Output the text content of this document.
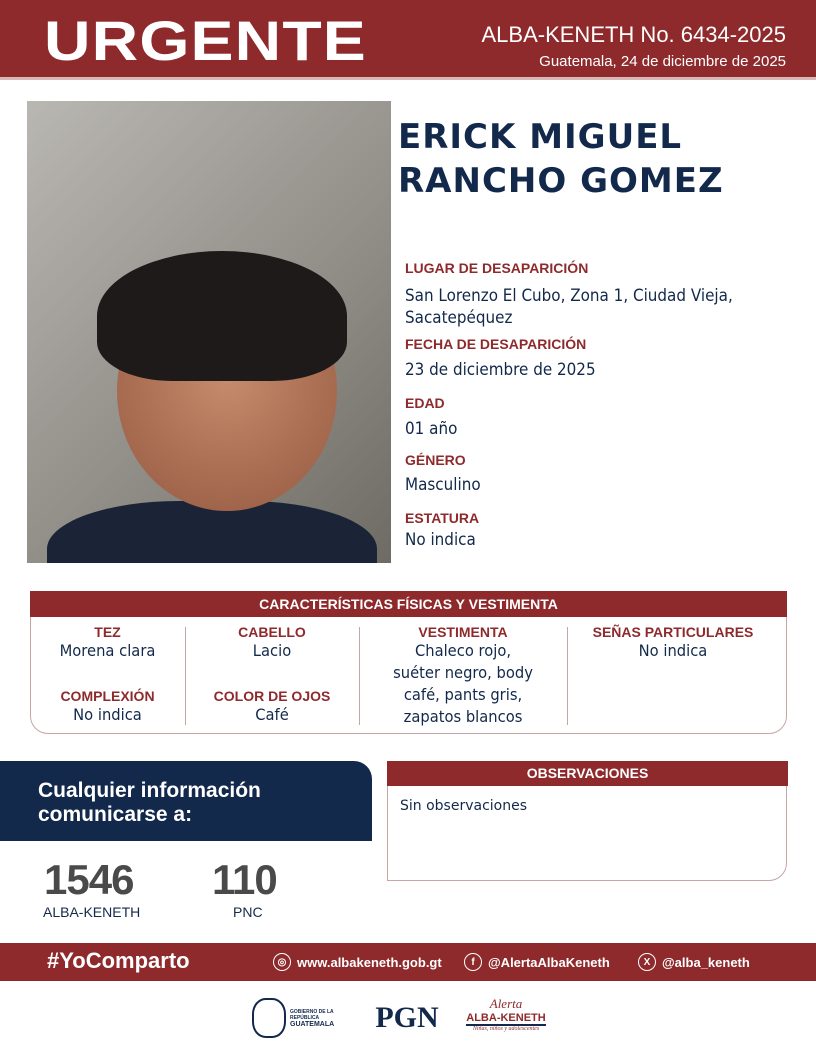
URGENTE	ALBA-KENETH No. 6434-2025
Guatemala, 24 de diciembre de 2025
ERICK MIGUEL
RANCHO GOMEZ
LUGAR DE DESAPARICIÓN
San Lorenzo El Cubo, Zona 1, Ciudad Vieja,
Sacatepéquez
FECHA DE DESAPARICIÓN
23 de diciembre de 2025
EDAD
01 año
GÉNERO
Masculino
ESTATURA
No indica
CARACTERÍSTICAS FÍSICAS Y VESTIMENTA
TEZ
Morena clara
COMPLEXIÓN
No indica
CABELLO
Lacio
COLOR DE OJOS
Café
VESTIMENTA
Chaleco rojo,
suéter negro, body
café, pants gris,
zapatos blancos
SEÑAS PARTICULARES
No indica
Cualquier información
comunicarse a:
1546
ALBA-KENETH
110
PNC
OBSERVACIONES
Sin observaciones
#YoComparto	◎ www.albakeneth.gob.gt	f	@AlertaAlbaKeneth	X @alba_keneth
GOBIERNO DE LA REPÚBLICA
GUATEMALA	PGN	Alerta
ALBA-KENETH
Niñas, niños y adolescentes
